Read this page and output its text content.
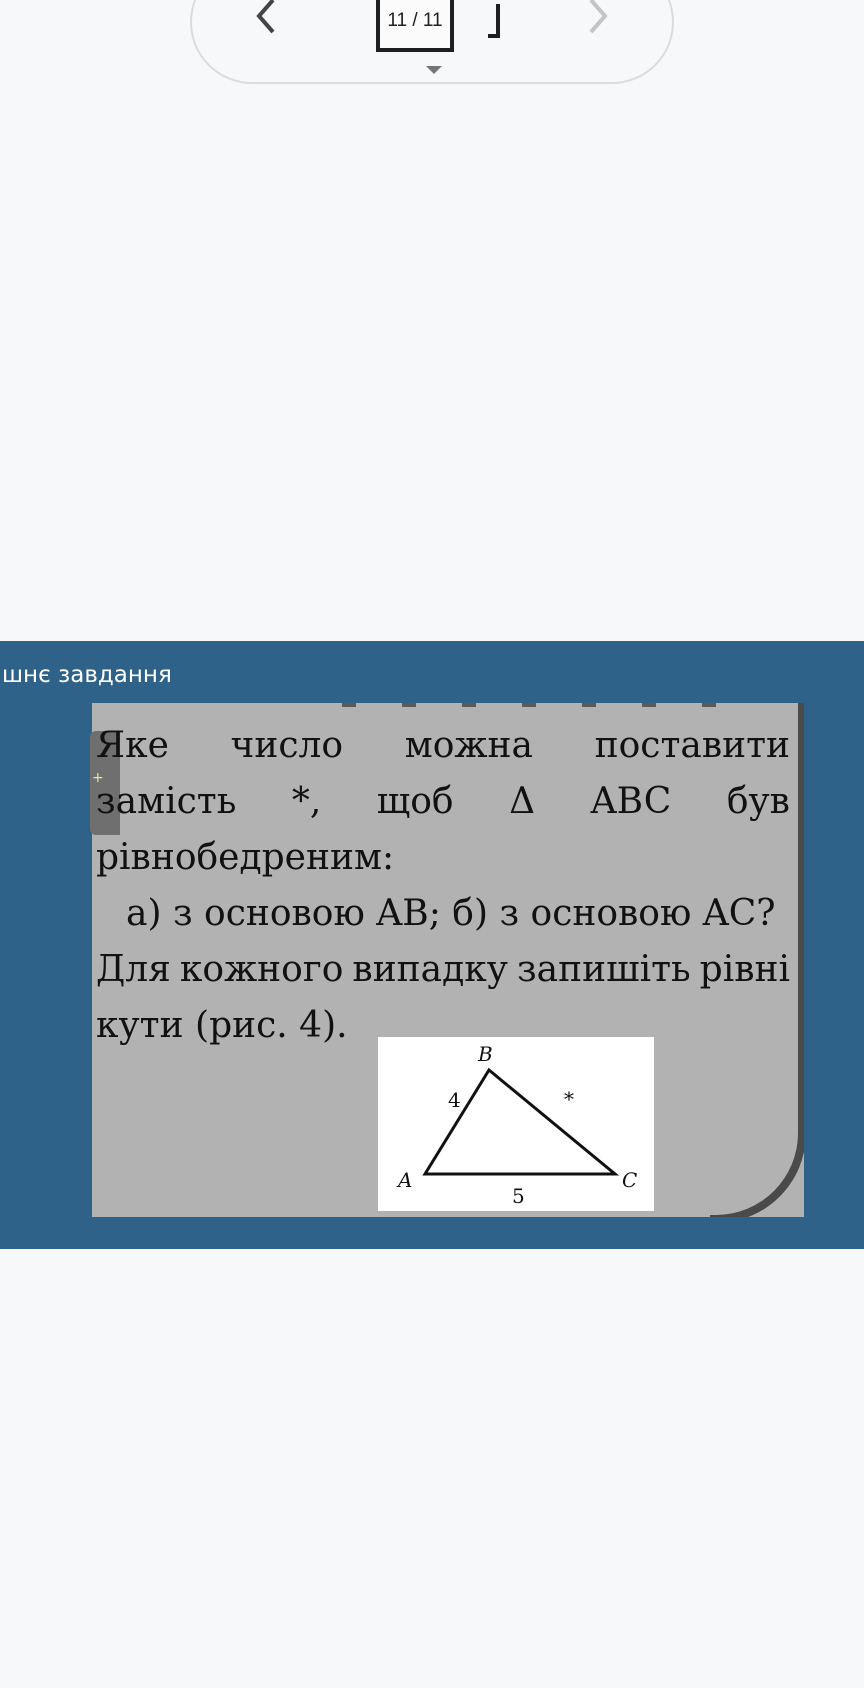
11 / 11
шнє завдання
+
Яке число можна поставити
замість *, щоб Δ ABC був
рівнобедреним:
а) з основою AB; б) з основою AC?
Для кожного випадку запишіть рівні
кути (рис. 4).
B
A	C
4	*
5
